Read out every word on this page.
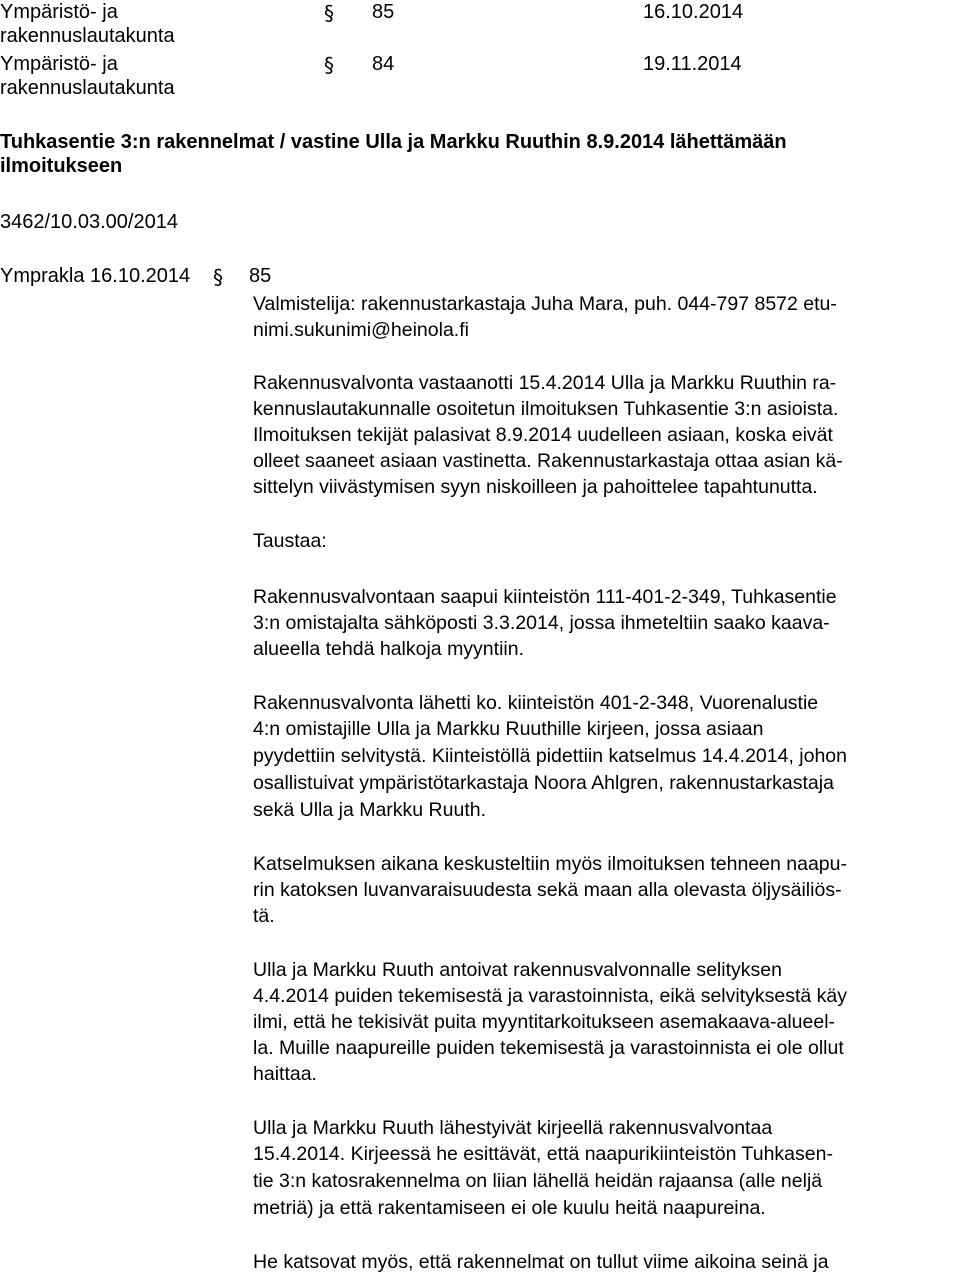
Ympäristö- ja
rakennuslautakunta
§ 85	16.10.2014
Ympäristö- ja
rakennuslautakunta
§ 84	19.11.2014
Tuhkasentie 3:n rakennelmat / vastine Ulla ja Markku Ruuthin 8.9.2014 lähettämään
ilmoitukseen
3462/10.03.00/2014
Ymprakla 16.10.2014 § 85
Valmistelija: rakennustarkastaja Juha Mara, puh. 044-797 8572 etu-
nimi.sukunimi@heinola.fi
Rakennusvalvonta vastaanotti 15.4.2014 Ulla ja Markku Ruuthin ra-
kennuslautakunnalle osoitetun ilmoituksen Tuhkasentie 3:n asioista.
Ilmoituksen tekijät palasivat 8.9.2014 uudelleen asiaan, koska eivät
olleet saaneet asiaan vastinetta. Rakennustarkastaja ottaa asian kä-
sittelyn viivästymisen syyn niskoilleen ja pahoittelee tapahtunutta.
Taustaa:
Rakennusvalvontaan saapui kiinteistön 111-401-2-349, Tuhkasentie
3:n omistajalta sähköposti 3.3.2014, jossa ihmeteltiin saako kaava-
alueella tehdä halkoja myyntiin.
Rakennusvalvonta lähetti ko. kiinteistön 401-2-348, Vuorenalustie
4:n omistajille Ulla ja Markku Ruuthille kirjeen, jossa asiaan
pyydettiin selvitystä. Kiinteistöllä pidettiin katselmus 14.4.2014, johon
osallistuivat ympäristötarkastaja Noora Ahlgren, rakennustarkastaja
sekä Ulla ja Markku Ruuth.
Katselmuksen aikana keskusteltiin myös ilmoituksen tehneen naapu-
rin katoksen luvanvaraisuudesta sekä maan alla olevasta öljysäiliös-
tä.
Ulla ja Markku Ruuth antoivat rakennusvalvonnalle selityksen
4.4.2014 puiden tekemisestä ja varastoinnista, eikä selvityksestä käy
ilmi, että he tekisivät puita myyntitarkoitukseen asemakaava-alueel-
la. Muille naapureille puiden tekemisestä ja varastoinnista ei ole ollut
haittaa.
Ulla ja Markku Ruuth lähestyivät kirjeellä rakennusvalvontaa
15.4.2014. Kirjeessä he esittävät, että naapurikiinteistön Tuhkasen-
tie 3:n katosrakennelma on liian lähellä heidän rajaansa (alle neljä
metriä) ja että rakentamiseen ei ole kuulu heitä naapureina.
He katsovat myös, että rakennelmat on tullut viime aikoina seinä ja
